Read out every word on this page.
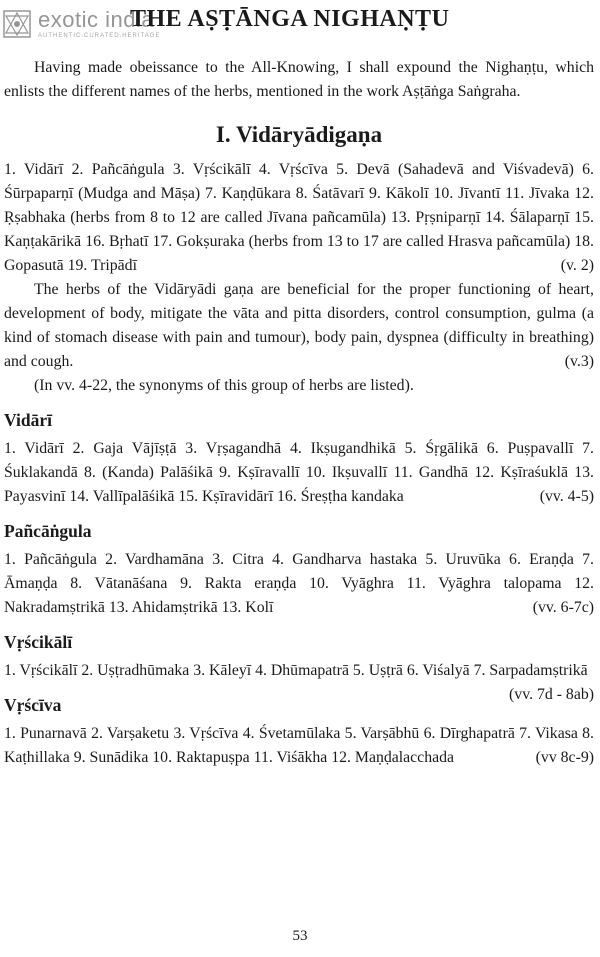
exotic india
AUTHENTIC.CURATED.HERITAGE
THE AṢṬĀNGA NIGHAṆṬU

Having made obeissance to the All-Knowing, I shall expound the Nighaṇṭu, which enlists the different names of the herbs, mentioned in the work Aṣṭāṅga Saṅgraha.

I. Vidāryādigaṇa

1. Vidārī 2. Pañcāṅgula 3. Vṛścikālī 4. Vṛścīva 5. Devā (Sahadevā and Viśvadevā) 6. Śūrpaparṇī (Mudga and Māṣa) 7. Kaṇḍūkara 8. Śatāvarī 9. Kākolī 10. Jīvantī 11. Jīvaka 12. Ṛṣabhaka (herbs from 8 to 12 are called Jīvana pañcamūla) 13. Pṛṣniparṇī 14. Śālaparṇī 15. Kaṇṭakārikā 16. Bṛhatī 17. Gokṣuraka (herbs from 13 to 17 are called Hrasva pañcamūla) 18. Gopasutā 19. Tripādī	(v. 2)

The herbs of the Vidāryādi gaṇa are beneficial for the proper functioning of heart, development of body, mitigate the vāta and pitta disorders, control consumption, gulma (a kind of stomach disease with pain and tumour), body pain, dyspnea (difficulty in breathing) and cough.	(v.3)

(In vv. 4-22, the synonyms of this group of herbs are listed).

Vidārī

1. Vidārī 2. Gaja Vājīṣṭā 3. Vṛṣagandhā 4. Ikṣugandhikā 5. Śṛgālikā 6. Puṣpavallī 7. Śuklakandā 8. (Kanda) Palāśikā 9. Kṣīravallī 10. Ikṣuvallī 11. Gandhā 12. Kṣīraśuklā 13. Payasvinī 14. Vallīpalāśikā 15. Kṣīravidārī 16. Śreṣṭha kandaka	(vv. 4-5)

Pañcāṅgula

1. Pañcāṅgula 2. Vardhamāna 3. Citra 4. Gandharva hastaka 5. Uruvūka 6. Eraṇḍa 7. Āmaṇḍa 8. Vātanāśana 9. Rakta eraṇḍa 10. Vyāghra 11. Vyāghra talopama 12. Nakradamṣtrikā 13. Ahidamṣtrikā 13. Kolī	(vv. 6-7c)

Vṛścikālī

1. Vṛścikālī 2. Uṣṭradhūmaka 3. Kāleyī 4. Dhūmapatrā 5. Uṣṭrā 6. Viśalyā 7. Sarpadamṣtrikā
(vv. 7d - 8ab)

Vṛścīva

1. Punarnavā 2. Varṣaketu 3. Vṛścīva 4. Śvetamūlaka 5. Varṣābhū 6. Dīrghapatrā 7. Vikasa 8. Kaṭhillaka 9. Sunādika 10. Raktapuṣpa 11. Viśākha 12. Maṇḍalacchada	(vv 8c-9)

53
